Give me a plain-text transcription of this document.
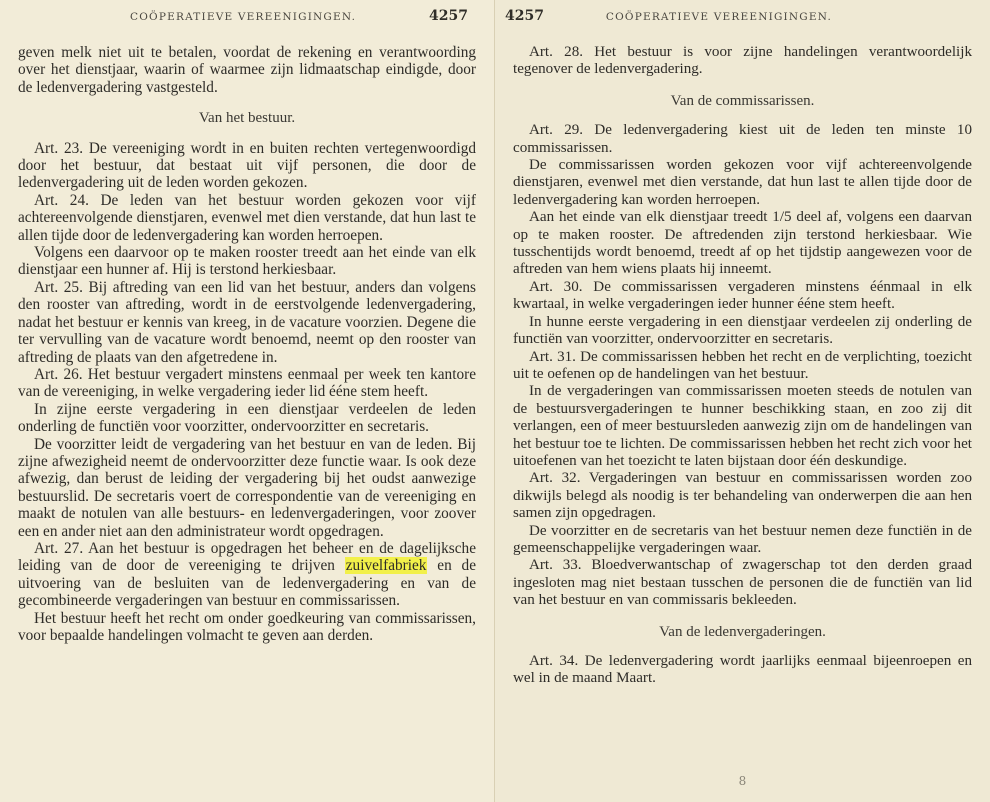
COÖPERATIEVE VEREENIGINGEN.	4257

geven melk niet uit te betalen, voordat de rekening en verantwoording over het dienstjaar, waarin of waarmee zijn lidmaatschap eindigde, door de ledenvergadering vastgesteld.

Van het bestuur.

Art. 23. De vereeniging wordt in en buiten rechten vertegenwoordigd door het bestuur, dat bestaat uit vijf personen, die door de ledenvergadering uit de leden worden gekozen.

Art. 24. De leden van het bestuur worden gekozen voor vijf achtereenvolgende dienstjaren, evenwel met dien verstande, dat hun last te allen tijde door de ledenvergadering kan worden herroepen.

Volgens een daarvoor op te maken rooster treedt aan het einde van elk dienstjaar een hunner af. Hij is terstond herkiesbaar.

Art. 25. Bij aftreding van een lid van het bestuur, anders dan volgens den rooster van aftreding, wordt in de eerstvolgende ledenvergadering, nadat het bestuur er kennis van kreeg, in de vacature voorzien. Degene die ter vervulling van de vacature wordt benoemd, neemt op den rooster van aftreding de plaats van den afgetredene in.

Art. 26. Het bestuur vergadert minstens eenmaal per week ten kantore van de vereeniging, in welke vergadering ieder lid ééne stem heeft.

In zijne eerste vergadering in een dienstjaar verdeelen de leden onderling de functiën voor voorzitter, ondervoorzitter en secretaris.

De voorzitter leidt de vergadering van het bestuur en van de leden. Bij zijne afwezigheid neemt de ondervoorzitter deze functie waar. Is ook deze afwezig, dan berust de leiding der vergadering bij het oudst aanwezige bestuurslid. De secretaris voert de correspondentie van de vereeniging en maakt de notulen van alle bestuurs- en ledenvergaderingen, voor zoover een en ander niet aan den administrateur wordt opgedragen.

Art. 27. Aan het bestuur is opgedragen het beheer en de dagelijksche leiding van de door de vereeniging te drijven zuivelfabriek en de uitvoering van de besluiten van de ledenvergadering en van de gecombineerde vergaderingen van bestuur en commissarissen.

Het bestuur heeft het recht om onder goedkeuring van commissarissen, voor bepaalde handelingen volmacht te geven aan derden.

4257	COÖPERATIEVE VEREENIGINGEN.

Art. 28. Het bestuur is voor zijne handelingen verantwoordelijk tegenover de ledenvergadering.

Van de commissarissen.

Art. 29. De ledenvergadering kiest uit de leden ten minste 10 commissarissen.

De commissarissen worden gekozen voor vijf achtereenvolgende dienstjaren, evenwel met dien verstande, dat hun last te allen tijde door de ledenvergadering kan worden herroepen.

Aan het einde van elk dienstjaar treedt 1/5 deel af, volgens een daarvan op te maken rooster. De aftredenden zijn terstond herkiesbaar. Wie tusschentijds wordt benoemd, treedt af op het tijdstip aangewezen voor de aftreden van hem wiens plaats hij inneemt.

Art. 30. De commissarissen vergaderen minstens éénmaal in elk kwartaal, in welke vergaderingen ieder hunner ééne stem heeft.

In hunne eerste vergadering in een dienstjaar verdeelen zij onderling de functiën van voorzitter, ondervoorzitter en secretaris.

Art. 31. De commissarissen hebben het recht en de verplichting, toezicht uit te oefenen op de handelingen van het bestuur.

In de vergaderingen van commissarissen moeten steeds de notulen van de bestuursvergaderingen te hunner beschikking staan, en zoo zij dit verlangen, een of meer bestuursleden aanwezig zijn om de handelingen van het bestuur toe te lichten. De commissarissen hebben het recht zich voor het uitoefenen van het toezicht te laten bijstaan door één deskundige.

Art. 32. Vergaderingen van bestuur en commissarissen worden zoo dikwijls belegd als noodig is ter behandeling van onderwerpen die aan hen samen zijn opgedragen.

De voorzitter en de secretaris van het bestuur nemen deze functiën in de gemeenschappelijke vergaderingen waar.

Art. 33. Bloedverwantschap of zwagerschap tot den derden graad ingesloten mag niet bestaan tusschen de personen die de functiën van lid van het bestuur en van commissaris bekleeden.

Van de ledenvergaderingen.

Art. 34. De ledenvergadering wordt jaarlijks eenmaal bijeenroepen en wel in de maand Maart.

8
